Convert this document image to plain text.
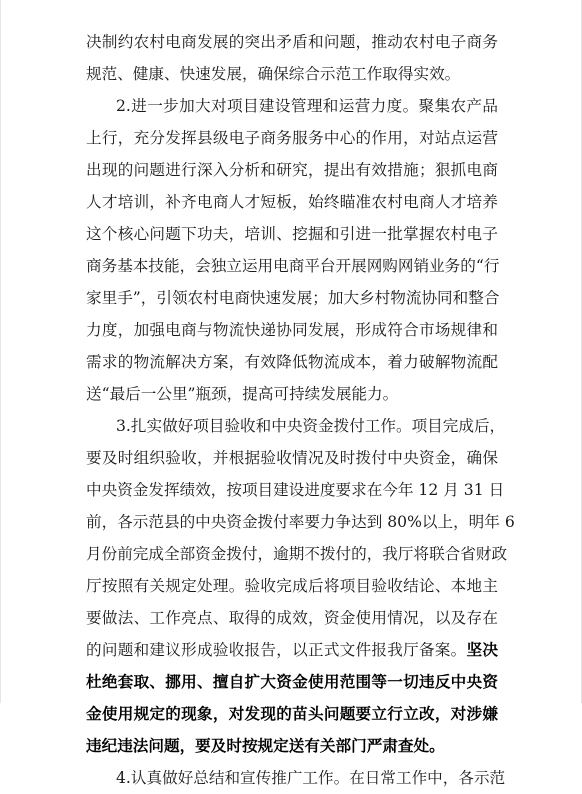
决制约农村电商发展的突出矛盾和问题，推动农村电子商务
规范、健康、快速发展，确保综合示范工作取得实效。
2.进一步加大对项目建设管理和运营力度。聚集农产品
上行，充分发挥县级电子商务服务中心的作用，对站点运营
出现的问题进行深入分析和研究，提出有效措施；狠抓电商
人才培训，补齐电商人才短板，始终瞄准农村电商人才培养
这个核心问题下功夫，培训、挖掘和引进一批掌握农村电子
商务基本技能，会独立运用电商平台开展网购网销业务的“行
家里手”，引领农村电商快速发展；加大乡村物流协同和整合
力度，加强电商与物流快递协同发展，形成符合市场规律和
需求的物流解决方案，有效降低物流成本，着力破解物流配
送“最后一公里”瓶颈，提高可持续发展能力。
3.扎实做好项目验收和中央资金拨付工作。项目完成后，
要及时组织验收，并根据验收情况及时拨付中央资金，确保
中央资金发挥绩效，按项目建设进度要求在今年 12 月 31 日
前，各示范县的中央资金拨付率要力争达到 80%以上，明年 6
月份前完成全部资金拨付，逾期不拨付的，我厅将联合省财政
厅按照有关规定处理。验收完成后将项目验收结论、本地主
要做法、工作亮点、取得的成效，资金使用情况，以及存在
的问题和建议形成验收报告，以正式文件报我厅备案。坚决
杜绝套取、挪用、擅自扩大资金使用范围等一切违反中央资
金使用规定的现象，对发现的苗头问题要立行立改，对涉嫌
违纪违法问题，要及时按规定送有关部门严肃查处。
4.认真做好总结和宣传推广工作。在日常工作中，各示范
